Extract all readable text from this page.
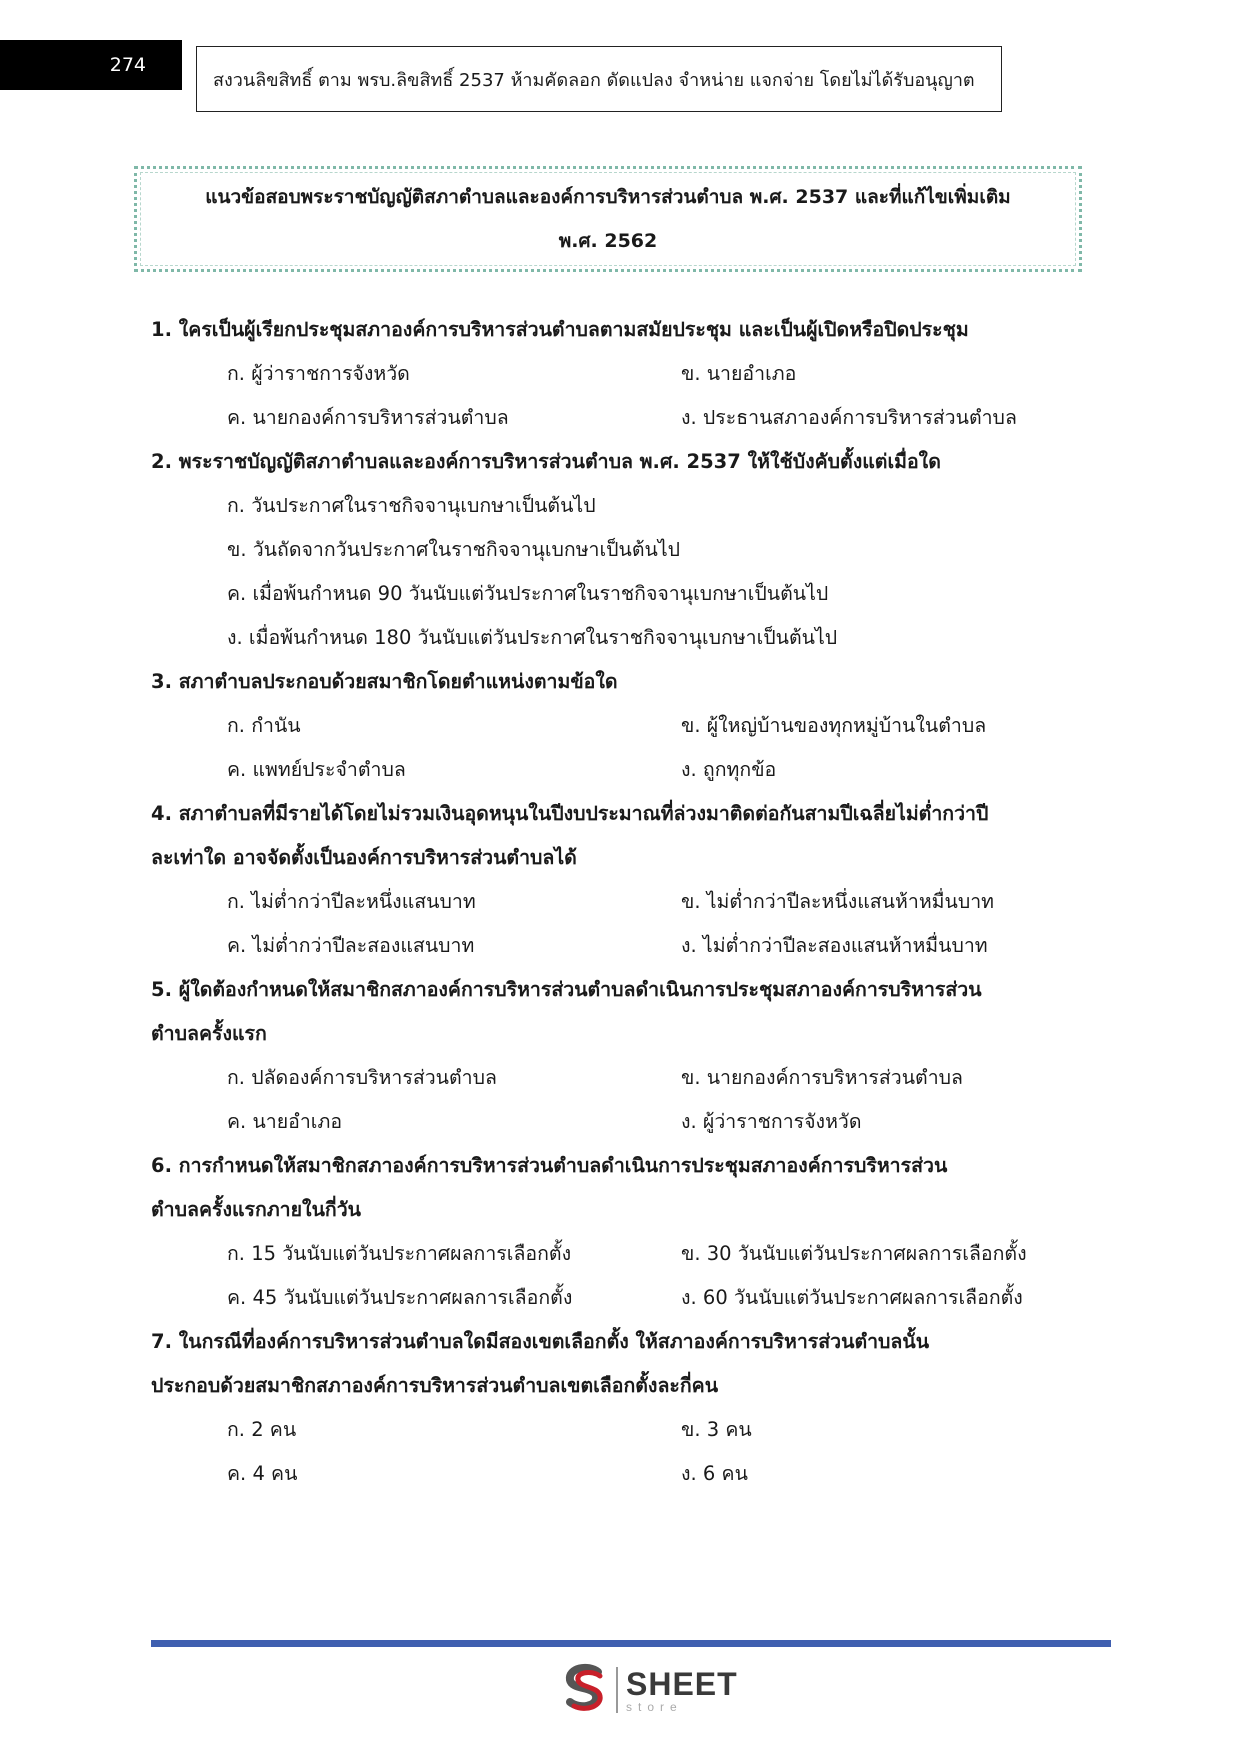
274
สงวนลิขสิทธิ์ ตาม พรบ.ลิขสิทธิ์ 2537 ห้ามคัดลอก ดัดแปลง จำหน่าย แจกจ่าย โดยไม่ได้รับอนุญาต
แนวข้อสอบพระราชบัญญัติสภาตำบลและองค์การบริหารส่วนตำบล พ.ศ. 2537 และที่แก้ไขเพิ่มเติม
พ.ศ. 2562
1. ใครเป็นผู้เรียกประชุมสภาองค์การบริหารส่วนตำบลตามสมัยประชุม และเป็นผู้เปิดหรือปิดประชุม
ก. ผู้ว่าราชการจังหวัด	ข. นายอำเภอ
ค. นายกองค์การบริหารส่วนตำบล	ง. ประธานสภาองค์การบริหารส่วนตำบล
2. พระราชบัญญัติสภาตำบลและองค์การบริหารส่วนตำบล พ.ศ. 2537 ให้ใช้บังคับตั้งแต่เมื่อใด
ก. วันประกาศในราชกิจจานุเบกษาเป็นต้นไป
ข. วันถัดจากวันประกาศในราชกิจจานุเบกษาเป็นต้นไป
ค. เมื่อพ้นกำหนด 90 วันนับแต่วันประกาศในราชกิจจานุเบกษาเป็นต้นไป
ง. เมื่อพ้นกำหนด 180 วันนับแต่วันประกาศในราชกิจจานุเบกษาเป็นต้นไป
3. สภาตำบลประกอบด้วยสมาชิกโดยตำแหน่งตามข้อใด
ก. กำนัน	ข. ผู้ใหญ่บ้านของทุกหมู่บ้านในตำบล
ค. แพทย์ประจำตำบล	ง. ถูกทุกข้อ
4. สภาตำบลที่มีรายได้โดยไม่รวมเงินอุดหนุนในปีงบประมาณที่ล่วงมาติดต่อกันสามปีเฉลี่ยไม่ต่ำกว่าปี
ละเท่าใด อาจจัดตั้งเป็นองค์การบริหารส่วนตำบลได้
ก. ไม่ต่ำกว่าปีละหนึ่งแสนบาท	ข. ไม่ต่ำกว่าปีละหนึ่งแสนห้าหมื่นบาท
ค. ไม่ต่ำกว่าปีละสองแสนบาท	ง. ไม่ต่ำกว่าปีละสองแสนห้าหมื่นบาท
5. ผู้ใดต้องกำหนดให้สมาชิกสภาองค์การบริหารส่วนตำบลดำเนินการประชุมสภาองค์การบริหารส่วน
ตำบลครั้งแรก
ก. ปลัดองค์การบริหารส่วนตำบล	ข. นายกองค์การบริหารส่วนตำบล
ค. นายอำเภอ	ง. ผู้ว่าราชการจังหวัด
6. การกำหนดให้สมาชิกสภาองค์การบริหารส่วนตำบลดำเนินการประชุมสภาองค์การบริหารส่วน
ตำบลครั้งแรกภายในกี่วัน
ก. 15 วันนับแต่วันประกาศผลการเลือกตั้ง	ข. 30 วันนับแต่วันประกาศผลการเลือกตั้ง
ค. 45 วันนับแต่วันประกาศผลการเลือกตั้ง	ง. 60 วันนับแต่วันประกาศผลการเลือกตั้ง
7. ในกรณีที่องค์การบริหารส่วนตำบลใดมีสองเขตเลือกตั้ง ให้สภาองค์การบริหารส่วนตำบลนั้น
ประกอบด้วยสมาชิกสภาองค์การบริหารส่วนตำบลเขตเลือกตั้งละกี่คน
ก. 2 คน	ข. 3 คน
ค. 4 คน	ง. 6 คน
SHEET
store
